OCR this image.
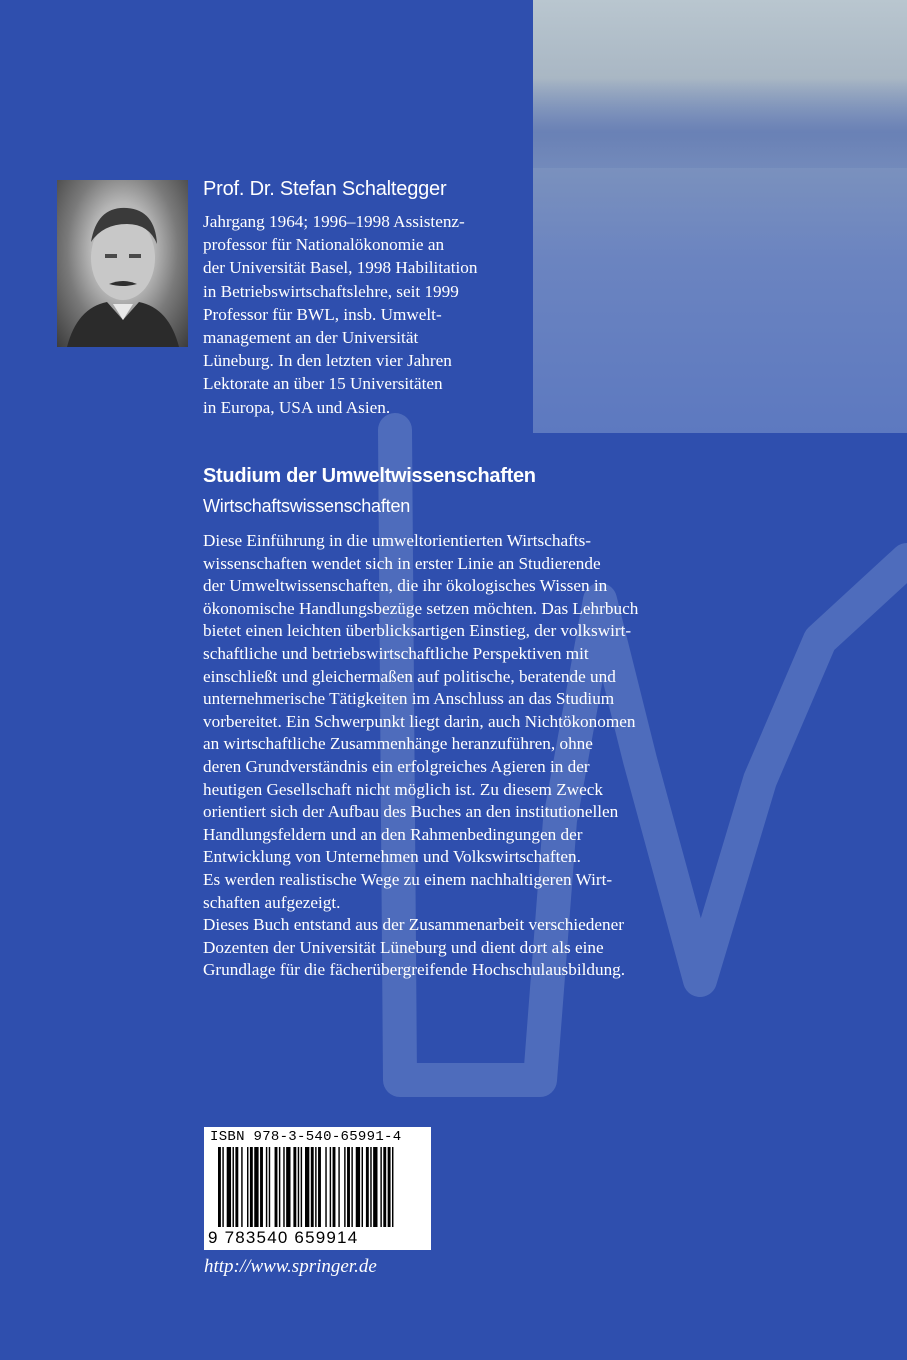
Prof. Dr. Stefan Schaltegger
Jahrgang 1964; 1996–1998 Assistenz-
professor für Nationalökonomie an
der Universität Basel, 1998 Habilitation
in Betriebswirtschaftslehre, seit 1999
Professor für BWL, insb. Umwelt-
management an der Universität
Lüneburg. In den letzten vier Jahren
Lektorate an über 15 Universitäten
in Europa, USA und Asien.
Studium der Umweltwissenschaften
Wirtschaftswissenschaften
Diese Einführung in die umweltorientierten Wirtschafts-
wissenschaften wendet sich in erster Linie an Studierende
der Umweltwissenschaften, die ihr ökologisches Wissen in
ökonomische Handlungsbezüge setzen möchten. Das Lehrbuch
bietet einen leichten überblicksartigen Einstieg, der volkswirt-
schaftliche und betriebswirtschaftliche Perspektiven mit
einschließt und gleichermaßen auf politische, beratende und
unternehmerische Tätigkeiten im Anschluss an das Studium
vorbereitet. Ein Schwerpunkt liegt darin, auch Nichtökonomen
an wirtschaftliche Zusammenhänge heranzuführen, ohne
deren Grundverständnis ein erfolgreiches Agieren in der
heutigen Gesellschaft nicht möglich ist. Zu diesem Zweck
orientiert sich der Aufbau des Buches an den institutionellen
Handlungsfeldern und an den Rahmenbedingungen der
Entwicklung von Unternehmen und Volkswirtschaften.
Es werden realistische Wege zu einem nachhaltigeren Wirt-
schaften aufgezeigt.
Dieses Buch entstand aus der Zusammenarbeit verschiedener
Dozenten der Universität Lüneburg und dient dort als eine
Grundlage für die fächerübergreifende Hochschulausbildung.
ISBN 978-3-540-65991-4
9 783540 659914
http://www.springer.de
